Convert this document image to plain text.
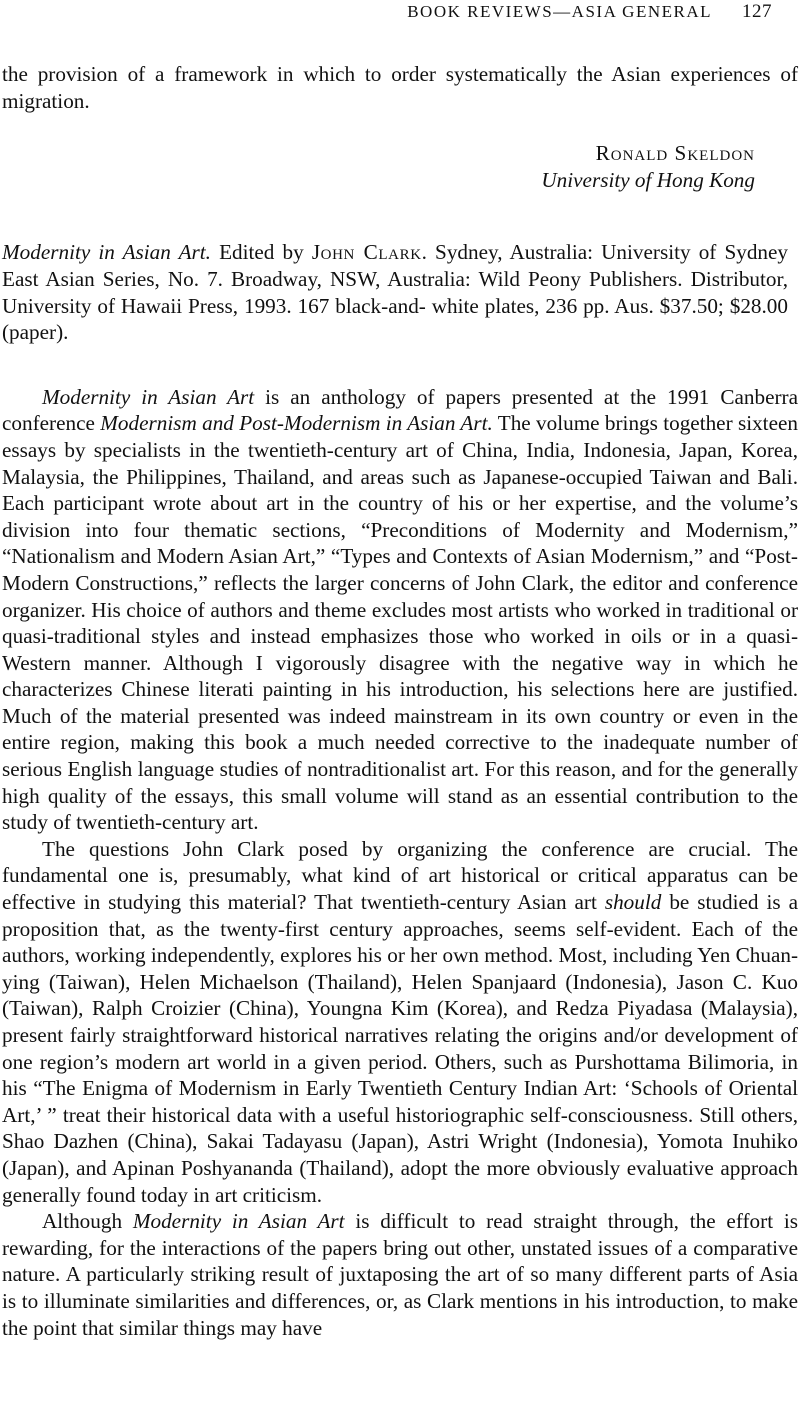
BOOK REVIEWS—ASIA GENERAL 127

the provision of a framework in which to order systematically the Asian experiences of migration.

Ronald Skeldon
University of Hong Kong

Modernity in Asian Art. Edited by John Clark. Sydney, Australia: University of Sydney East Asian Series, No. 7. Broadway, NSW, Australia: Wild Peony Publishers. Distributor, University of Hawaii Press, 1993. 167 black-and- white plates, 236 pp. Aus. $37.50; $28.00 (paper).

Modernity in Asian Art is an anthology of papers presented at the 1991 Canberra conference Modernism and Post-Modernism in Asian Art. The volume brings together sixteen essays by specialists in the twentieth-century art of China, India, Indonesia, Japan, Korea, Malaysia, the Philippines, Thailand, and areas such as Japanese-occupied Taiwan and Bali. Each participant wrote about art in the country of his or her expertise, and the volume’s division into four thematic sections, “Preconditions of Modernity and Modernism,” “Nationalism and Modern Asian Art,” “Types and Contexts of Asian Modernism,” and “Post-Modern Constructions,” reflects the larger concerns of John Clark, the editor and conference organizer. His choice of authors and theme excludes most artists who worked in traditional or quasi-traditional styles and instead emphasizes those who worked in oils or in a quasi-Western manner. Although I vigorously disagree with the negative way in which he characterizes Chinese literati painting in his introduction, his selections here are justified. Much of the material presented was indeed mainstream in its own country or even in the entire region, making this book a much needed corrective to the inadequate number of serious English language studies of nontraditionalist art. For this reason, and for the generally high quality of the essays, this small volume will stand as an essential contribution to the study of twentieth-century art.

The questions John Clark posed by organizing the conference are crucial. The fundamental one is, presumably, what kind of art historical or critical apparatus can be effective in studying this material? That twentieth-century Asian art should be studied is a proposition that, as the twenty-first century approaches, seems self-evident. Each of the authors, working independently, explores his or her own method. Most, including Yen Chuan-ying (Taiwan), Helen Michaelson (Thailand), Helen Spanjaard (Indonesia), Jason C. Kuo (Taiwan), Ralph Croizier (China), Youngna Kim (Korea), and Redza Piyadasa (Malaysia), present fairly straightforward historical narratives relating the origins and/or development of one region’s modern art world in a given period. Others, such as Purshottama Bilimoria, in his “The Enigma of Modernism in Early Twentieth Century Indian Art: ‘Schools of Oriental Art,’ ” treat their historical data with a useful historiographic self-consciousness. Still others, Shao Dazhen (China), Sakai Tadayasu (Japan), Astri Wright (Indonesia), Yomota Inuhiko (Japan), and Apinan Poshyananda (Thailand), adopt the more obviously evaluative approach generally found today in art criticism.

Although Modernity in Asian Art is difficult to read straight through, the effort is rewarding, for the interactions of the papers bring out other, unstated issues of a comparative nature. A particularly striking result of juxtaposing the art of so many different parts of Asia is to illuminate similarities and differences, or, as Clark mentions in his introduction, to make the point that similar things may have
